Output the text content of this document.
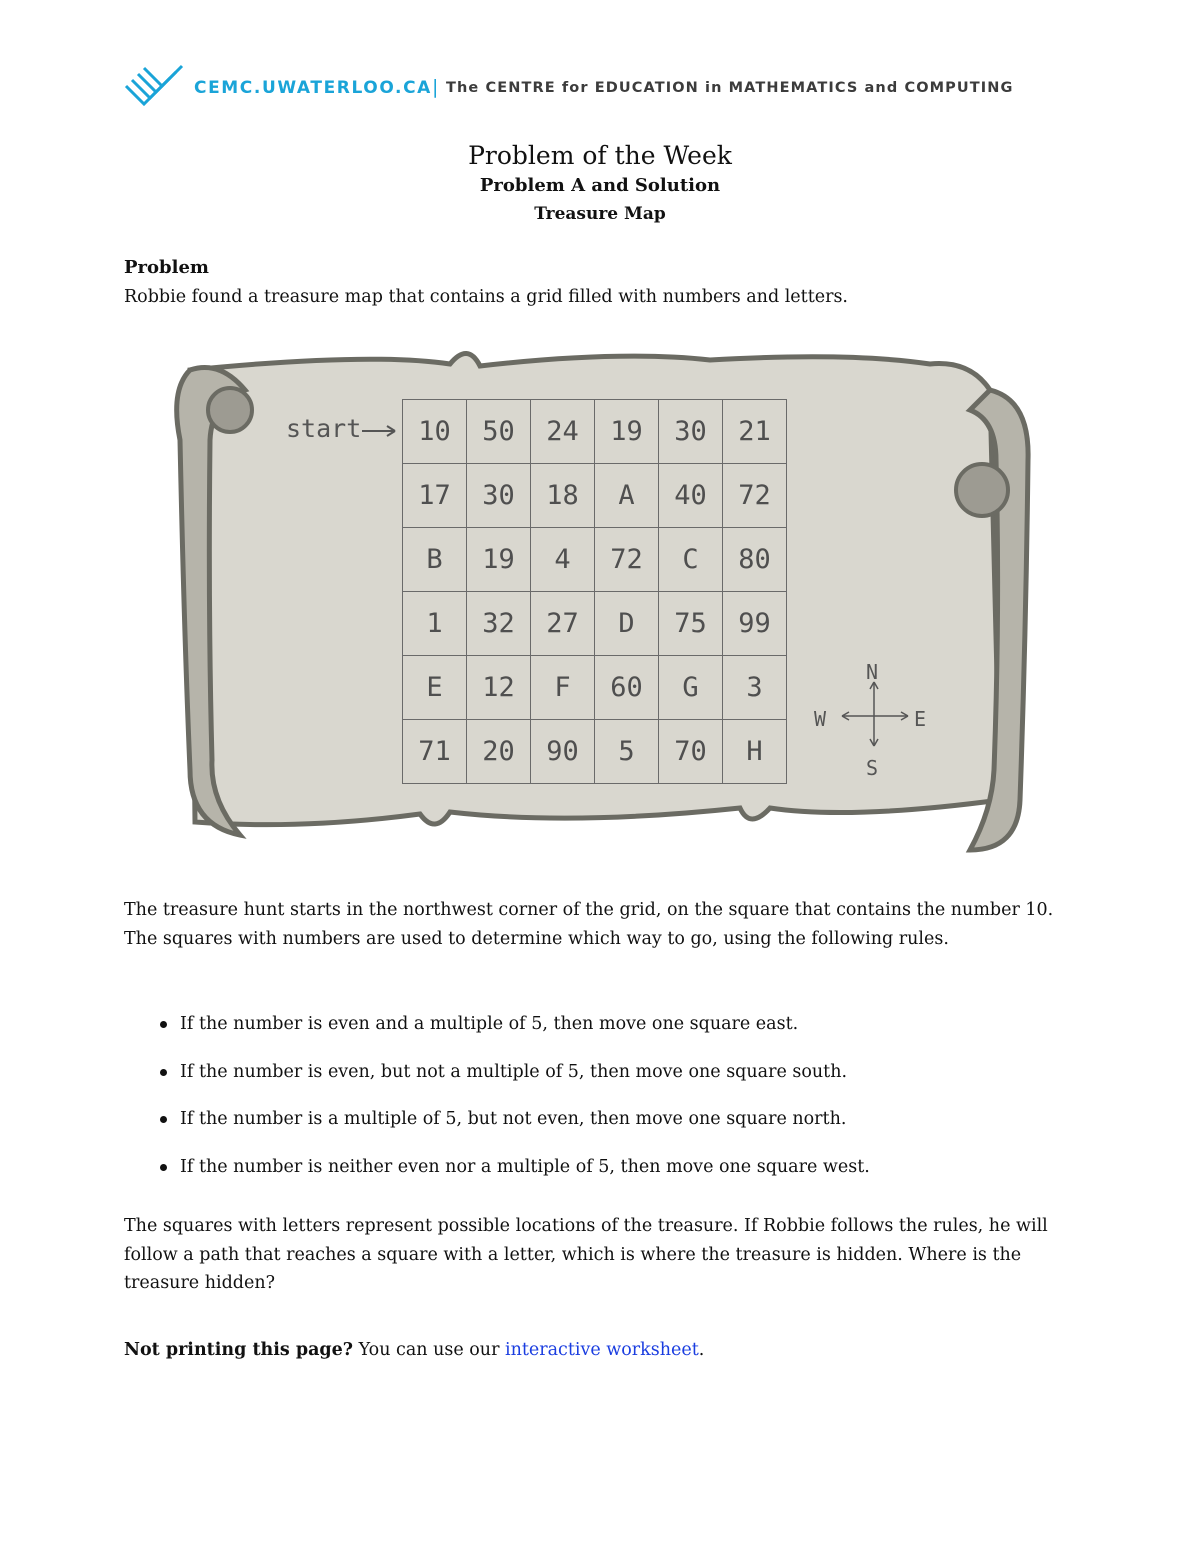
CEMC.UWATERLOO.CA | The CENTRE for EDUCATION in MATHEMATICS and COMPUTING

Problem of the Week

Problem A and Solution

Treasure Map

Problem
Robbie found a treasure map that contains a grid filled with numbers and letters.
start 10	50	24	19	30	21
17	30	18	A	40	72
B	19	4	72	C	80
1	32	27	D	75	99
E	12	F	60	G	3
71	20	90	5	70	H
N
S
W	E
The treasure hunt starts in the northwest corner of the grid, on the square that contains the number 10. The squares with numbers are used to determine which way to go, using the following rules.
If the number is even and a multiple of 5, then move one square east.
If the number is even, but not a multiple of 5, then move one square south.
If the number is a multiple of 5, but not even, then move one square north.
If the number is neither even nor a multiple of 5, then move one square west.
The squares with letters represent possible locations of the treasure. If Robbie follows the rules, he will follow a path that reaches a square with a letter, which is where the treasure is hidden. Where is the treasure hidden?
Not printing this page? You can use our interactive worksheet.
